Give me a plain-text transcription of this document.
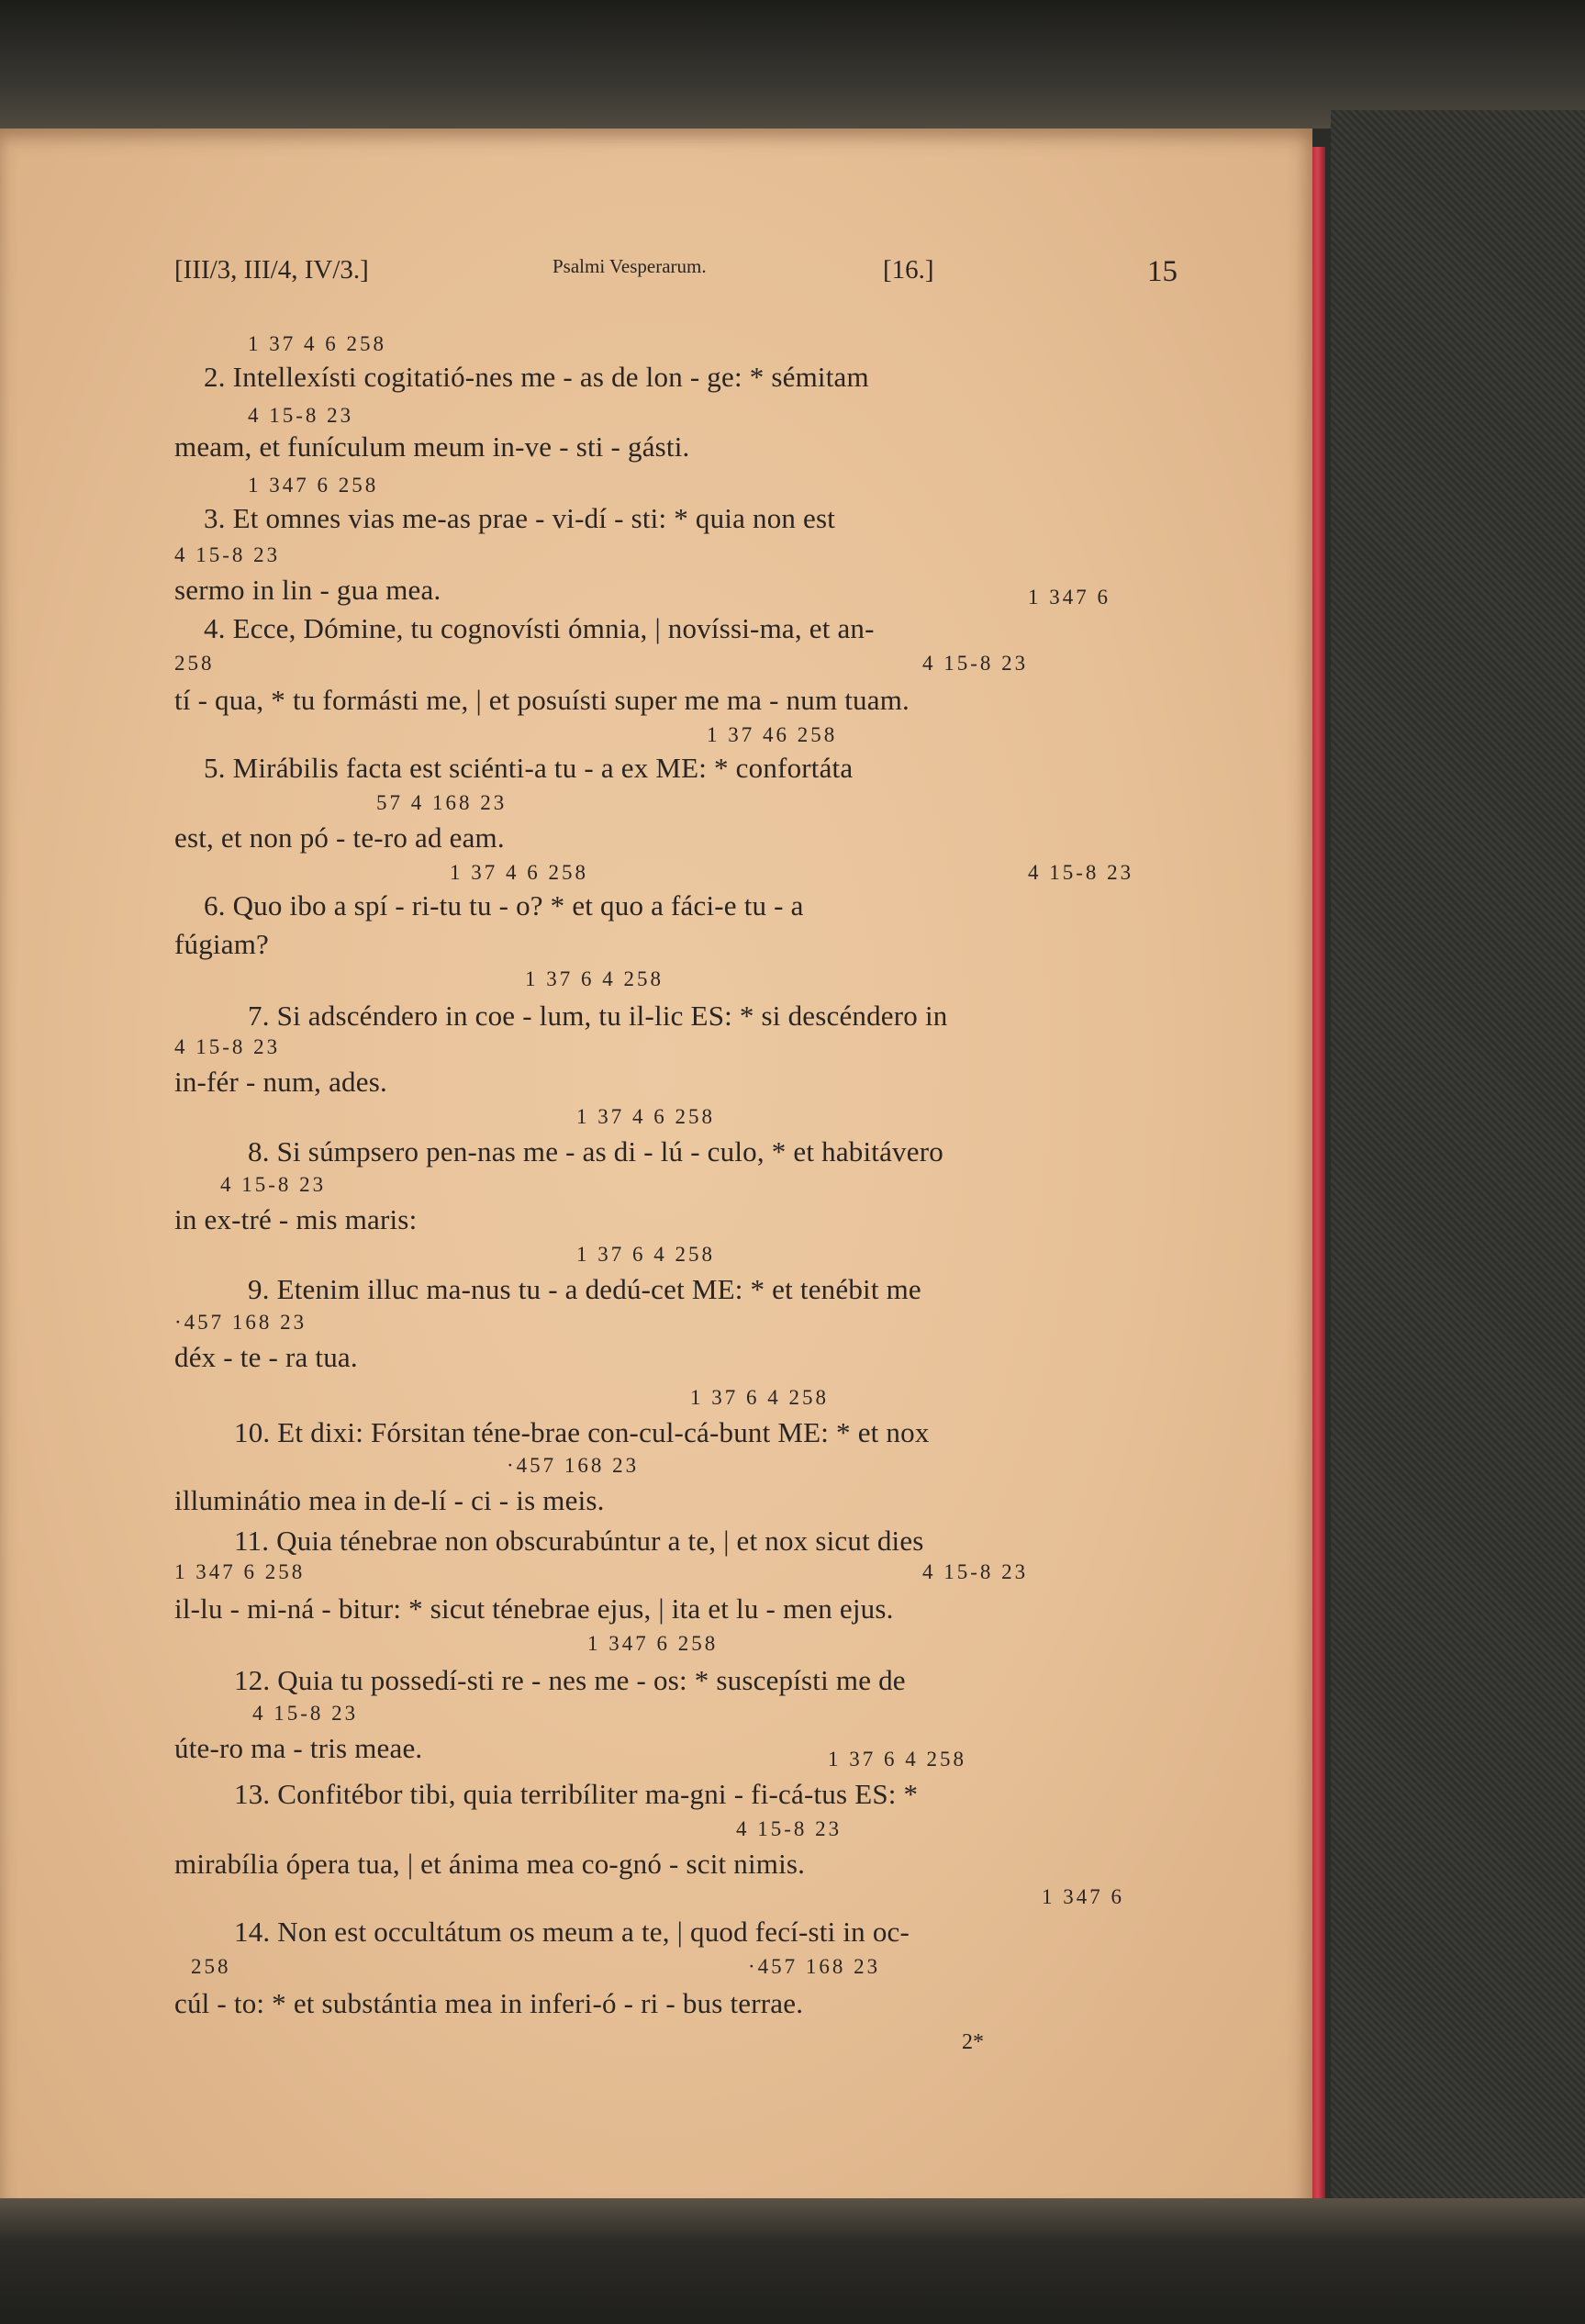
[III/3, III/4, IV/3.]	Psalmi Vesperarum.	[16.]	15
1 37 4 6 258
2. Intellexísti cogitatió-nes me - as de lon - ge: * sémitam
4 15-8 23
meam, et funículum meum in-ve - sti - gásti.
1 347 6 258
3. Et omnes vias me-as prae - vi-dí - sti: * quia non est
4 15-8 23
sermo in lin - gua mea.	1 347 6
4. Ecce, Dómine, tu cognovísti ómnia, | novíssi-ma, et an-
258	4 15-8 23
tí - qua, * tu formásti me, | et posuísti super me ma - num tuam.
1 37 46 258
5. Mirábilis facta est sciénti-a tu - a ex ME: * confortáta
57 4 168 23
est, et non pó - te-ro ad eam.
1 37 4 6 258	4 15-8 23
6. Quo ibo a spí - ri-tu tu - o? * et quo a fáci-e tu - a
fúgiam?
1 37 6 4 258
7. Si adscéndero in coe - lum, tu il-lic ES: * si descéndero in
4 15-8 23
in-fér - num, ades.
1 37 4 6 258
8. Si súmpsero pen-nas me - as di - lú - culo, * et habitávero
4 15-8 23
in ex-tré - mis maris:
1 37 6 4 258
9. Etenim illuc ma-nus tu - a dedú-cet ME: * et tenébit me
·457 168 23
déx - te - ra tua.
1 37 6 4 258
10. Et dixi: Fórsitan téne-brae con-cul-cá-bunt ME: * et nox
·457 168 23
illuminátio mea in de-lí - ci - is meis.
11. Quia ténebrae non obscurabúntur a te, | et nox sicut dies
1 347 6 258	4 15-8 23
il-lu - mi-ná - bitur: * sicut ténebrae ejus, | ita et lu - men ejus.
1 347 6 258
12. Quia tu possedí-sti re - nes me - os: * suscepísti me de
4 15-8 23
úte-ro ma - tris meae.	1 37 6 4 258
13. Confitébor tibi, quia terribíliter ma-gni - fi-cá-tus ES: *
4 15-8 23
mirabília ópera tua, | et ánima mea co-gnó - scit nimis.
1 347 6
14. Non est occultátum os meum a te, | quod fecí-sti in oc-
258	·457 168 23
cúl - to: * et substántia mea in inferi-ó - ri - bus terrae.
2*
